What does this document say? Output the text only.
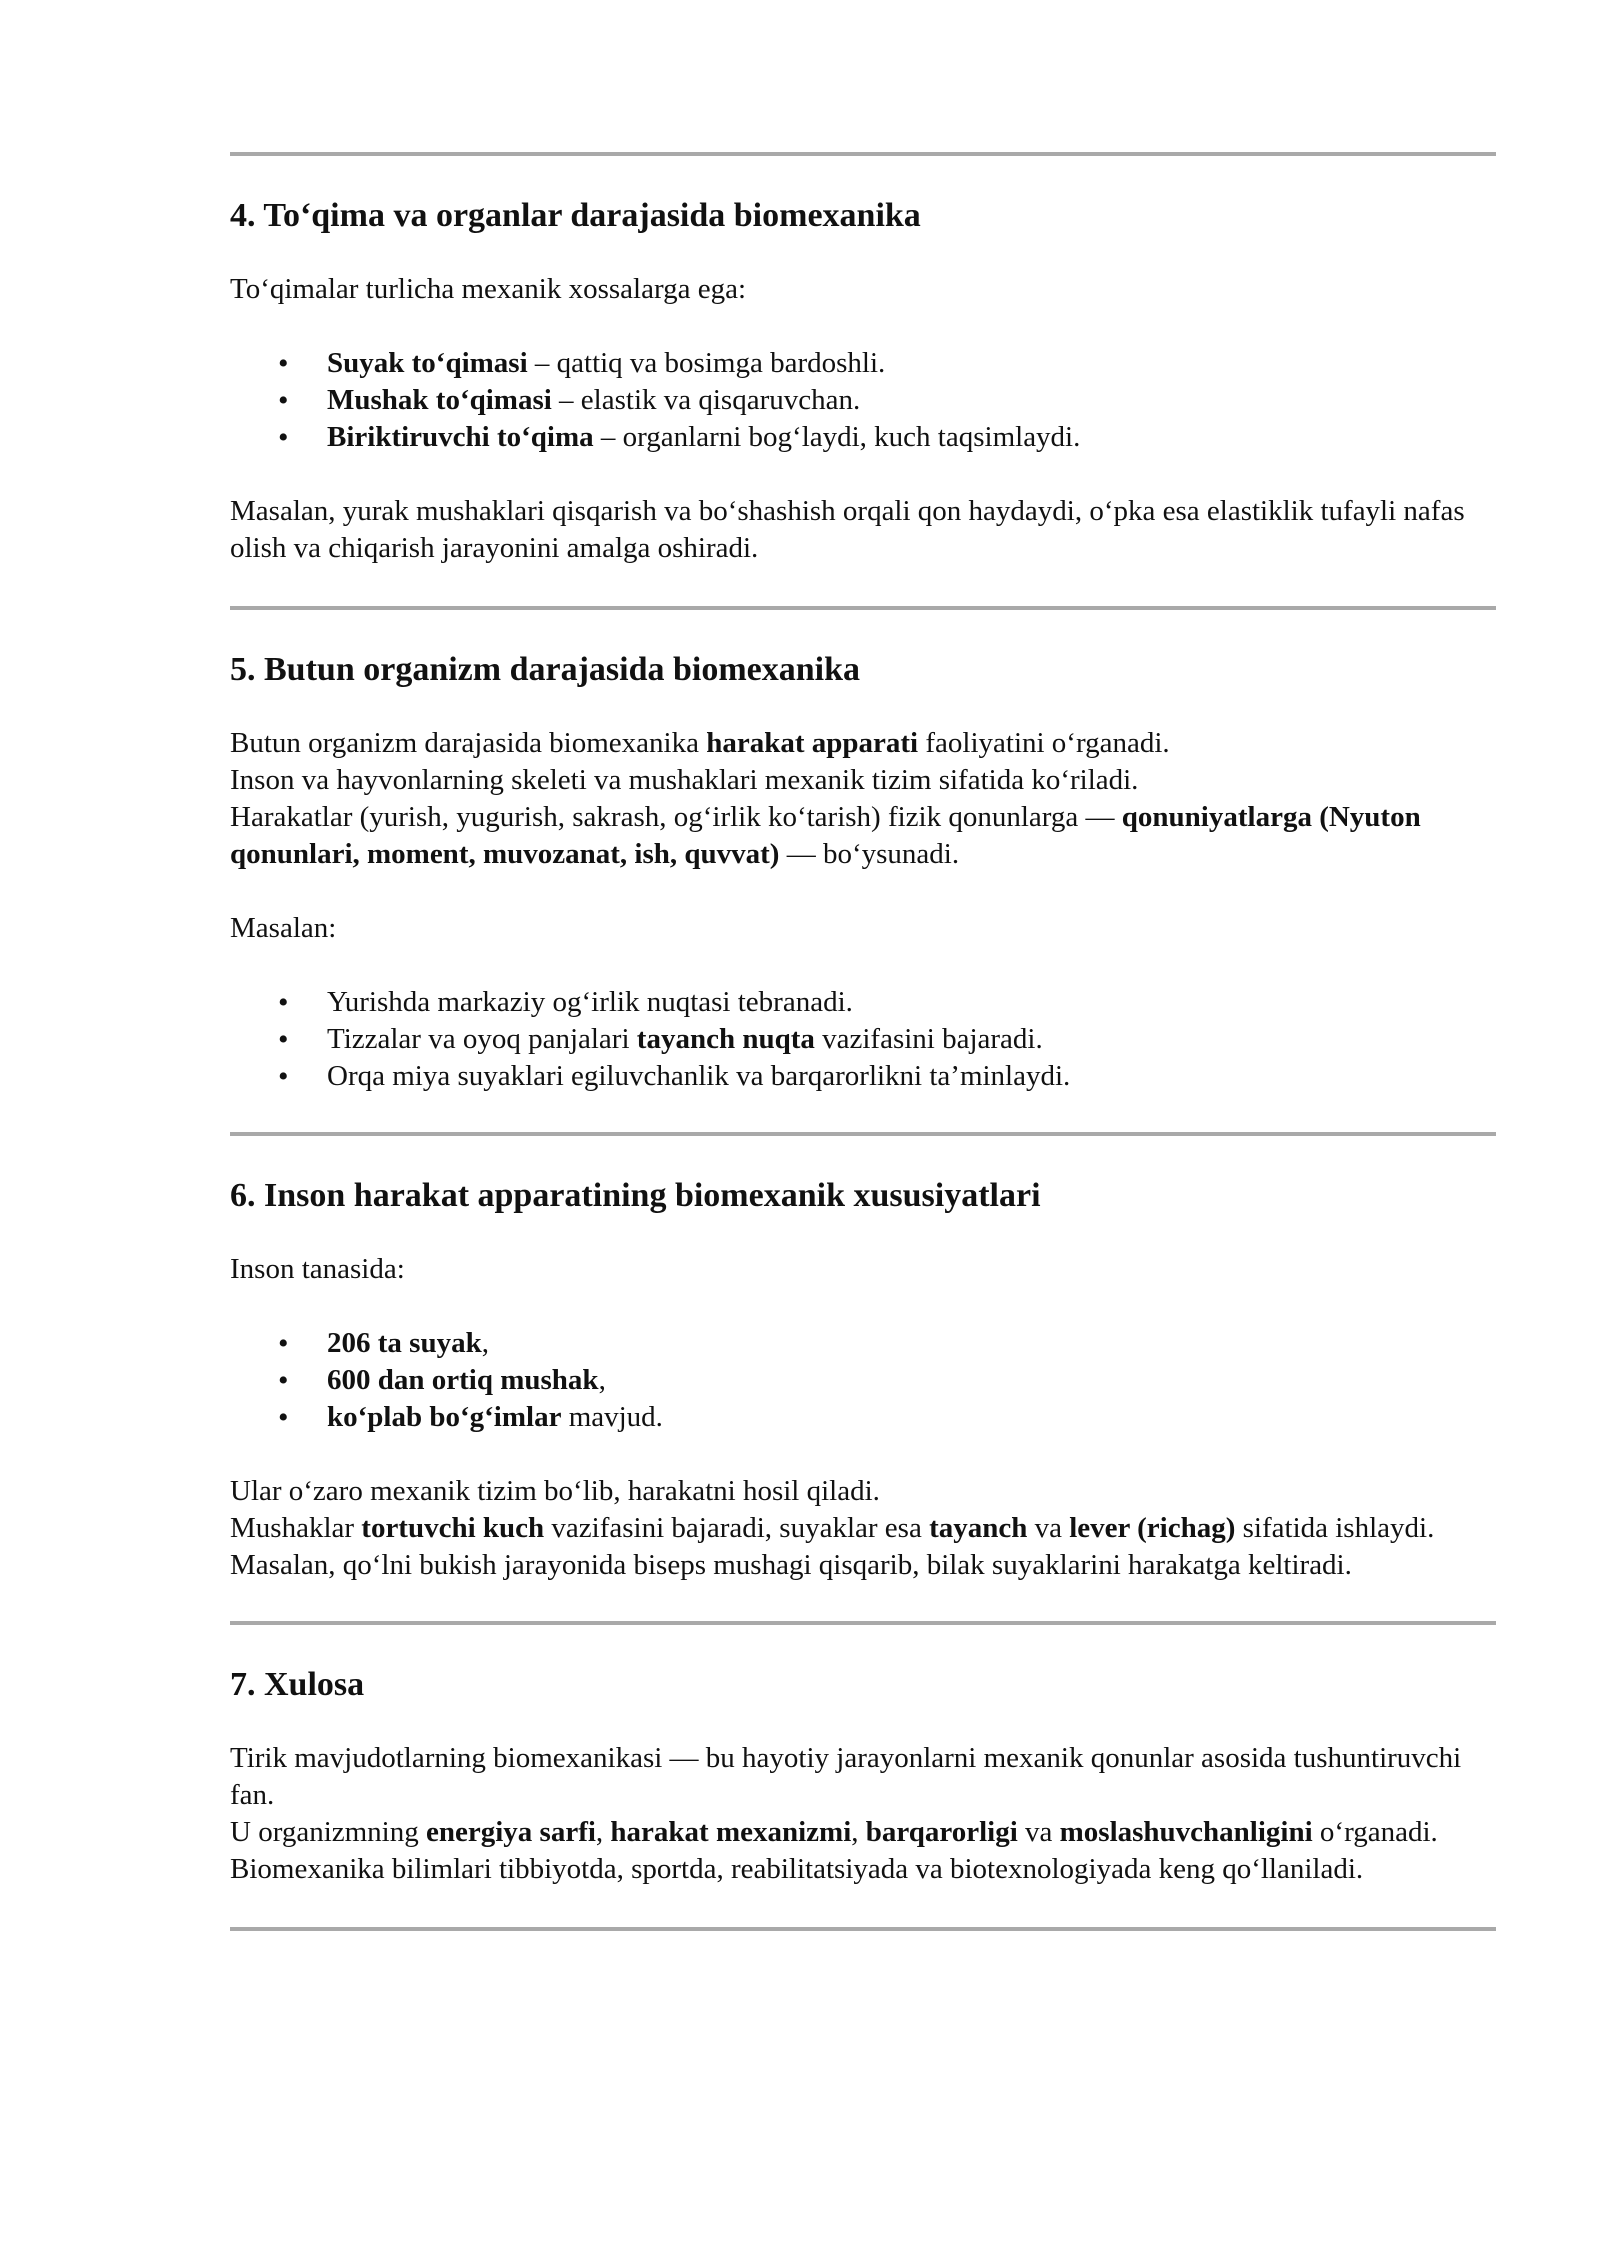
4. To‘qima va organlar darajasida biomexanika

To‘qimalar turlicha mexanik xossalarga ega:

• Suyak to‘qimasi – qattiq va bosimga bardoshli.
• Mushak to‘qimasi – elastik va qisqaruvchan.
• Biriktiruvchi to‘qima – organlarni bog‘laydi, kuch taqsimlaydi.

Masalan, yurak mushaklari qisqarish va bo‘shashish orqali qon haydaydi, o‘pka esa elastiklik tufayli nafas olish va chiqarish jarayonini amalga oshiradi.

5. Butun organizm darajasida biomexanika

Butun organizm darajasida biomexanika harakat apparati faoliyatini o‘rganadi.

Inson va hayvonlarning skeleti va mushaklari mexanik tizim sifatida ko‘riladi.

Harakatlar (yurish, yugurish, sakrash, og‘irlik ko‘tarish) fizik qonunlarga — qonuniyatlarga (Nyuton qonunlari, moment, muvozanat, ish, quvvat) — bo‘ysunadi.

Masalan:

• Yurishda markaziy og‘irlik nuqtasi tebranadi.
• Tizzalar va oyoq panjalari tayanch nuqta vazifasini bajaradi.
• Orqa miya suyaklari egiluvchanlik va barqarorlikni ta’minlaydi.
6. Inson harakat apparatining biomexanik xususiyatlari

Inson tanasida:

• 206 ta suyak,
• 600 dan ortiq mushak,
• ko‘plab bo‘g‘imlar mavjud.

Ular o‘zaro mexanik tizim bo‘lib, harakatni hosil qiladi.

Mushaklar tortuvchi kuch vazifasini bajaradi, suyaklar esa tayanch va lever (richag) sifatida ishlaydi.

Masalan, qo‘lni bukish jarayonida biseps mushagi qisqarib, bilak suyaklarini harakatga keltiradi.

7. Xulosa

Tirik mavjudotlarning biomexanikasi — bu hayotiy jarayonlarni mexanik qonunlar asosida tushuntiruvchi fan.

U organizmning energiya sarfi, harakat mexanizmi, barqarorligi va moslashuvchanligini o‘rganadi.

Biomexanika bilimlari tibbiyotda, sportda, reabilitatsiyada va biotexnologiyada keng qo‘llaniladi.
